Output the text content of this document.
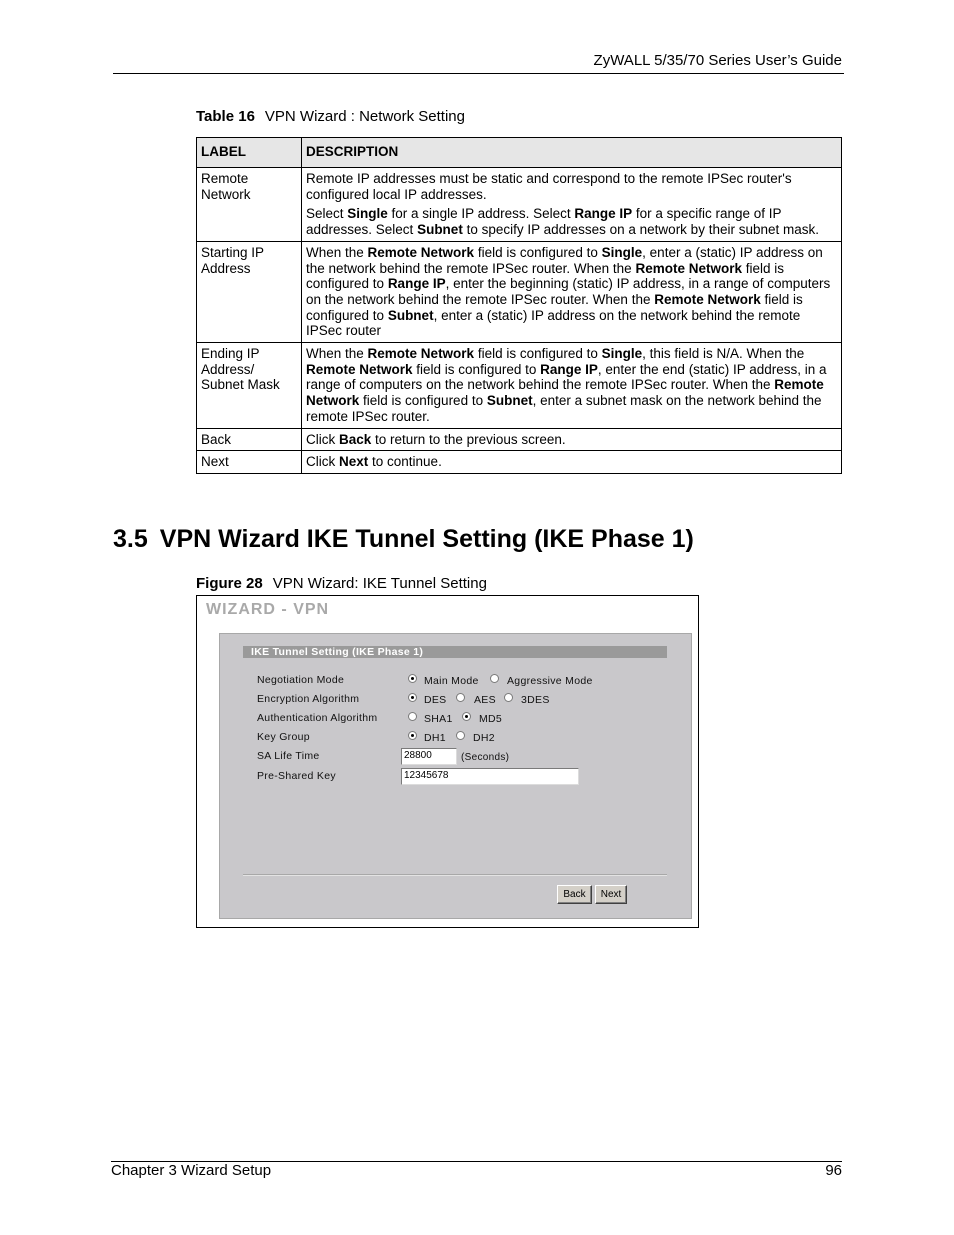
ZyWALL 5/35/70 Series User’s Guide
Table 16 VPN Wizard : Network Setting
LABEL	DESCRIPTION
Remote Network	Remote IP addresses must be static and correspond to the remote IPSec router's configured local IP addresses.

Select Single for a single IP address. Select Range IP for a specific range of IP addresses. Select Subnet to specify IP addresses on a network by their subnet mask.

Starting IP Address	When the Remote Network field is configured to Single, enter a (static) IP address on the network behind the remote IPSec router. When the Remote Network field is configured to Range IP, enter the beginning (static) IP address, in a range of computers on the network behind the remote IPSec router. When the Remote Network field is configured to Subnet, enter a (static) IP address on the network behind the remote IPSec router

Ending IP Address/ Subnet Mask	When the Remote Network field is configured to Single, this field is N/A. When the Remote Network field is configured to Range IP, enter the end (static) IP address, in a range of computers on the network behind the remote IPSec router. When the Remote Network field is configured to Subnet, enter a subnet mask on the network behind the remote IPSec router.

Back	Click Back to return to the previous screen.

Next	Click Next to continue.

3.5 VPN Wizard IKE Tunnel Setting (IKE Phase 1)
Figure 28 VPN Wizard: IKE Tunnel Setting
WIZARD - VPN
IKE Tunnel Setting (IKE Phase 1)
Negotiation Mode	Main Mode	Aggressive Mode
Encryption Algorithm	DES	AES 3DES
Authentication Algorithm	SHA1	MD5
Key Group	DH1	DH2
SA Life Time	28800	(Seconds)
Pre-Shared Key	12345678
Back	Next
Chapter 3 Wizard Setup	96
